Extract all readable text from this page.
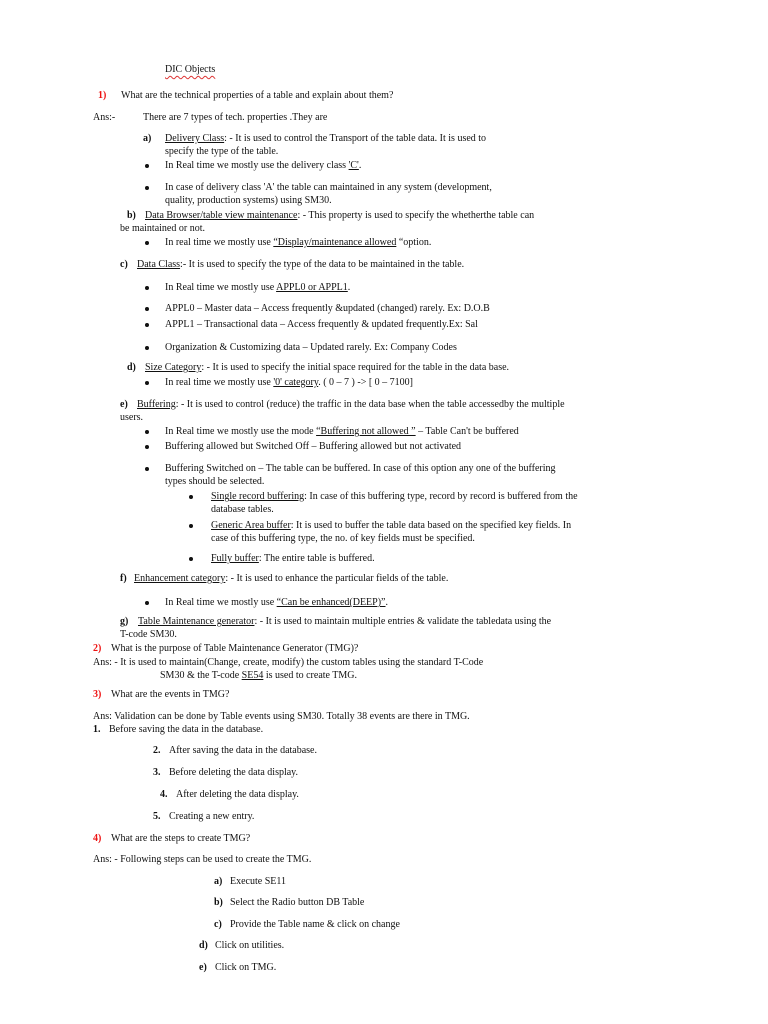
DIC Objects
1) What are the technical properties of a table and explain about them?
Ans:-	There are 7 types of tech. properties .They are
a) Delivery Class: - It is used to control the Transport of the table data. It is used to
specify the type of the table.
In Real time we mostly use the delivery class 'C'.
In case of delivery class 'A' the table can maintained in any system (development,
quality, production systems) using SM30.
b) Data Browser/table view maintenance: - This property is used to specify the whetherthe table can
be maintained or not.
In real time we mostly use “Display/maintenance allowed “option.
c) Data Class:- It is used to specify the type of the data to be maintained in the table.
In Real time we mostly use APPL0 or APPL1.
APPL0 – Master data – Access frequently &updated (changed) rarely. Ex: D.O.B
APPL1 – Transactional data – Access frequently & updated frequently.Ex: Sal
Organization & Customizing data – Updated rarely. Ex: Company Codes
d) Size Category: - It is used to specify the initial space required for the table in the data base.
In real time we mostly use '0' category. ( 0 – 7 ) -> [ 0 – 7100]
e) Buffering: - It is used to control (reduce) the traffic in the data base when the table accessedby the multiple
users.
In Real time we mostly use the mode “Buffering not allowed ” – Table Can't be buffered
Buffering allowed but Switched Off – Buffering allowed but not activated
Buffering Switched on – The table can be buffered. In case of this option any one of the buffering
types should be selected.
Single record buffering: In case of this buffering type, record by record is buffered from the
database tables.
Generic Area buffer: It is used to buffer the table data based on the specified key fields. In
case of this buffering type, the no. of key fields must be specified.
Fully buffer: The entire table is buffered.
f) Enhancement category: - It is used to enhance the particular fields of the table.
In Real time we mostly use “Can be enhanced(DEEP)”.
g) Table Maintenance generator: - It is used to maintain multiple entries & validate the tabledata using the
T-code SM30.
2) What is the purpose of Table Maintenance Generator (TMG)?
Ans: - It is used to maintain(Change, create, modify) the custom tables using the standard T-Code
SM30 & the T-code SE54 is used to create TMG.
3) What are the events in TMG?
Ans: Validation can be done by Table events using SM30. Totally 38 events are there in TMG.
1. Before saving the data in the database.
2. After saving the data in the database.
3. Before deleting the data display.
4. After deleting the data display.
5. Creating a new entry.
4) What are the steps to create TMG?
Ans: - Following steps can be used to create the TMG.
a) Execute SE11
b) Select the Radio button DB Table
c) Provide the Table name & click on change
d) Click on utilities.
e) Click on TMG.
